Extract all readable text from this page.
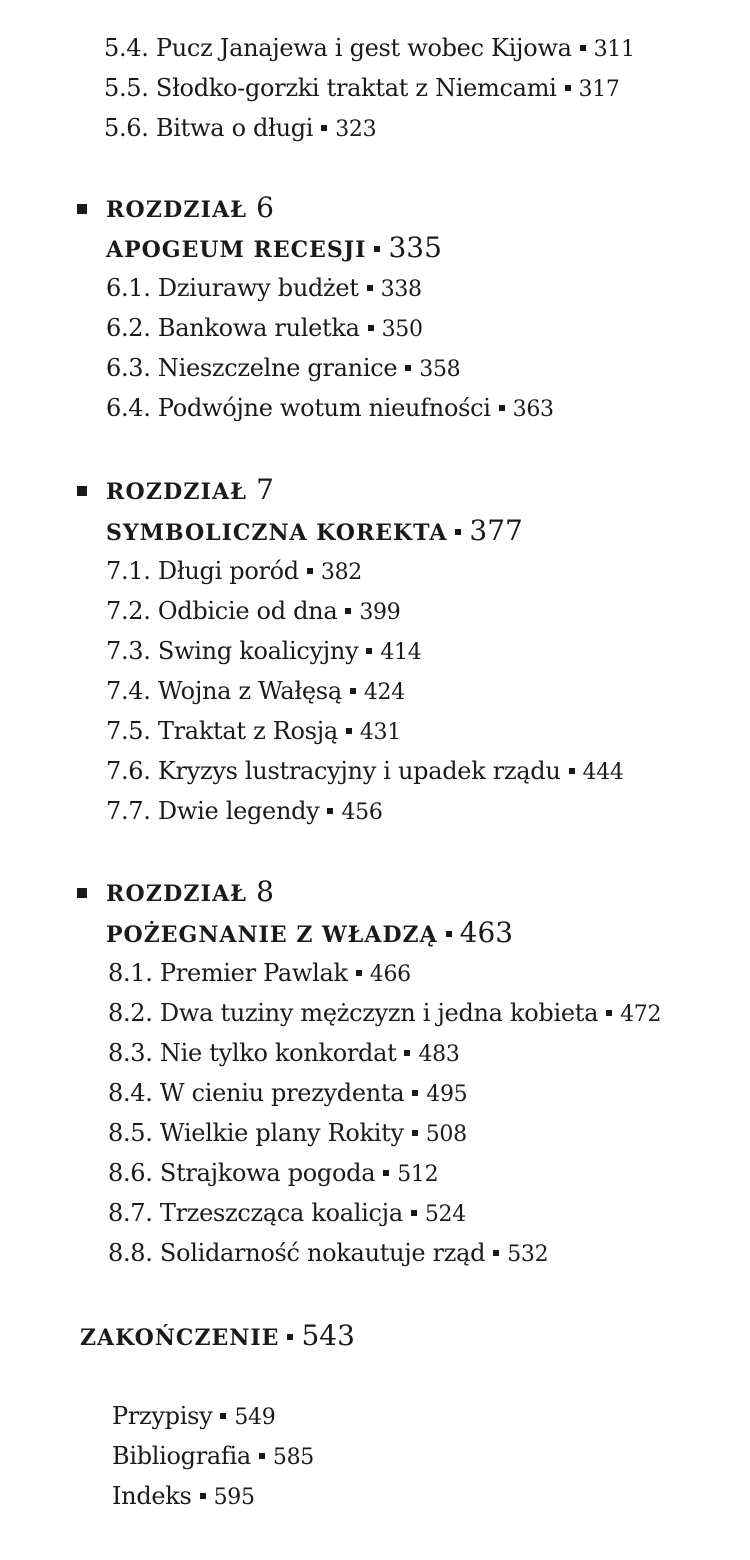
5.4. Pucz Janajewa i gest wobec Kijowa 311
5.5. Słodko-gorzki traktat z Niemcami 317
5.6. Bitwa o długi 323
ROZDZIAŁ 6
APOGEUM RECESJI 335
6.1. Dziurawy budżet 338
6.2. Bankowa ruletka 350
6.3. Nieszczelne granice 358
6.4. Podwójne wotum nieufności 363
ROZDZIAŁ 7
SYMBOLICZNA KOREKTA 377
7.1. Długi poród 382
7.2. Odbicie od dna 399
7.3. Swing koalicyjny 414
7.4. Wojna z Wałęsą 424
7.5. Traktat z Rosją 431
7.6. Kryzys lustracyjny i upadek rządu 444
7.7. Dwie legendy 456
ROZDZIAŁ 8
POŻEGNANIE Z WŁADZĄ 463
8.1. Premier Pawlak 466
8.2. Dwa tuziny mężczyzn i jedna kobieta 472
8.3. Nie tylko konkordat 483
8.4. W cieniu prezydenta 495
8.5. Wielkie plany Rokity 508
8.6. Strajkowa pogoda 512
8.7. Trzeszcząca koalicja 524
8.8. Solidarność nokautuje rząd 532
ZAKOŃCZENIE 543
Przypisy 549
Bibliografia 585
Indeks 595
